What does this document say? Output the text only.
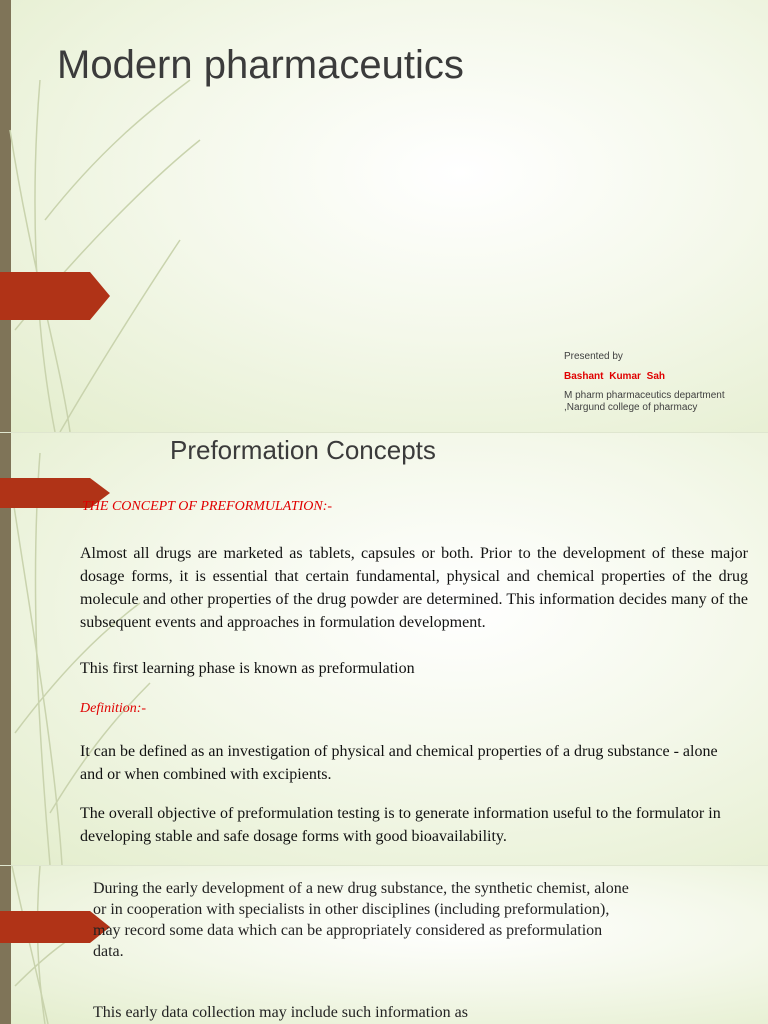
Modern pharmaceutics
Presented by
Bashant Kumar Sah
M pharm pharmaceutics department
,Nargund college of pharmacy
Preformation Concepts
THE CONCEPT OF PREFORMULATION:-
Almost all drugs are marketed as tablets, capsules or both. Prior to the development of these major dosage forms, it is essential that certain fundamental, physical and chemical properties of the drug molecule and other properties of the drug powder are determined. This information decides many of the subsequent events and approaches in formulation development.
This first learning phase is known as preformulation
Definition:-
It can be defined as an investigation of physical and chemical properties of a drug substance - alone and or when combined with excipients.
The overall objective of preformulation testing is to generate information useful to the formulator in developing stable and safe dosage forms with good bioavailability.
During the early development of a new drug substance, the synthetic chemist, alone or in cooperation with specialists in other disciplines (including preformulation), may record some data which can be appropriately considered as preformulation data.
This early data collection may include such information as
